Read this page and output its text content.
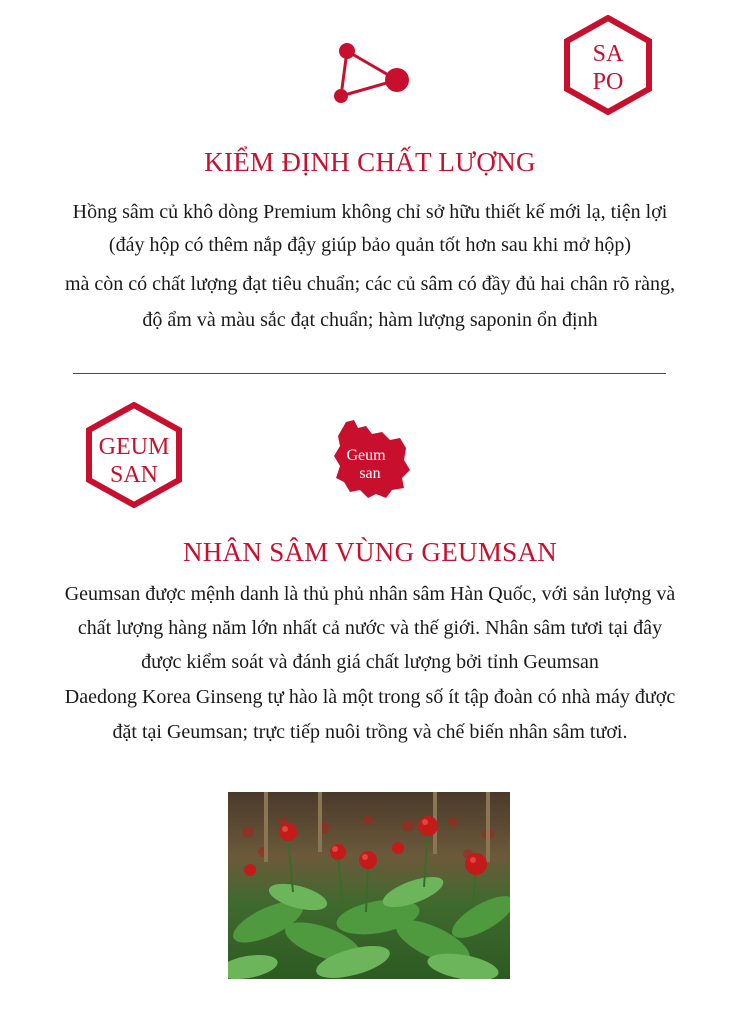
SA
PO
KIỂM ĐỊNH CHẤT LƯỢNG

Hồng sâm củ khô dòng Premium không chỉ sở hữu thiết kế mới lạ, tiện lợi

(đáy hộp có thêm nắp đậy giúp bảo quản tốt hơn sau khi mở hộp)

mà còn có chất lượng đạt tiêu chuẩn; các củ sâm có đầy đủ hai chân rõ ràng,

độ ẩm và màu sắc đạt chuẩn; hàm lượng saponin ổn định

GEUM
SAN
Geum
san
NHÂN SÂM VÙNG GEUMSAN

Geumsan được mệnh danh là thủ phủ nhân sâm Hàn Quốc, với sản lượng và

chất lượng hàng năm lớn nhất cả nước và thế giới. Nhân sâm tươi tại đây

được kiểm soát và đánh giá chất lượng bởi tỉnh Geumsan

Daedong Korea Ginseng tự hào là một trong số ít tập đoàn có nhà máy được

đặt tại Geumsan; trực tiếp nuôi trồng và chế biến nhân sâm tươi.
